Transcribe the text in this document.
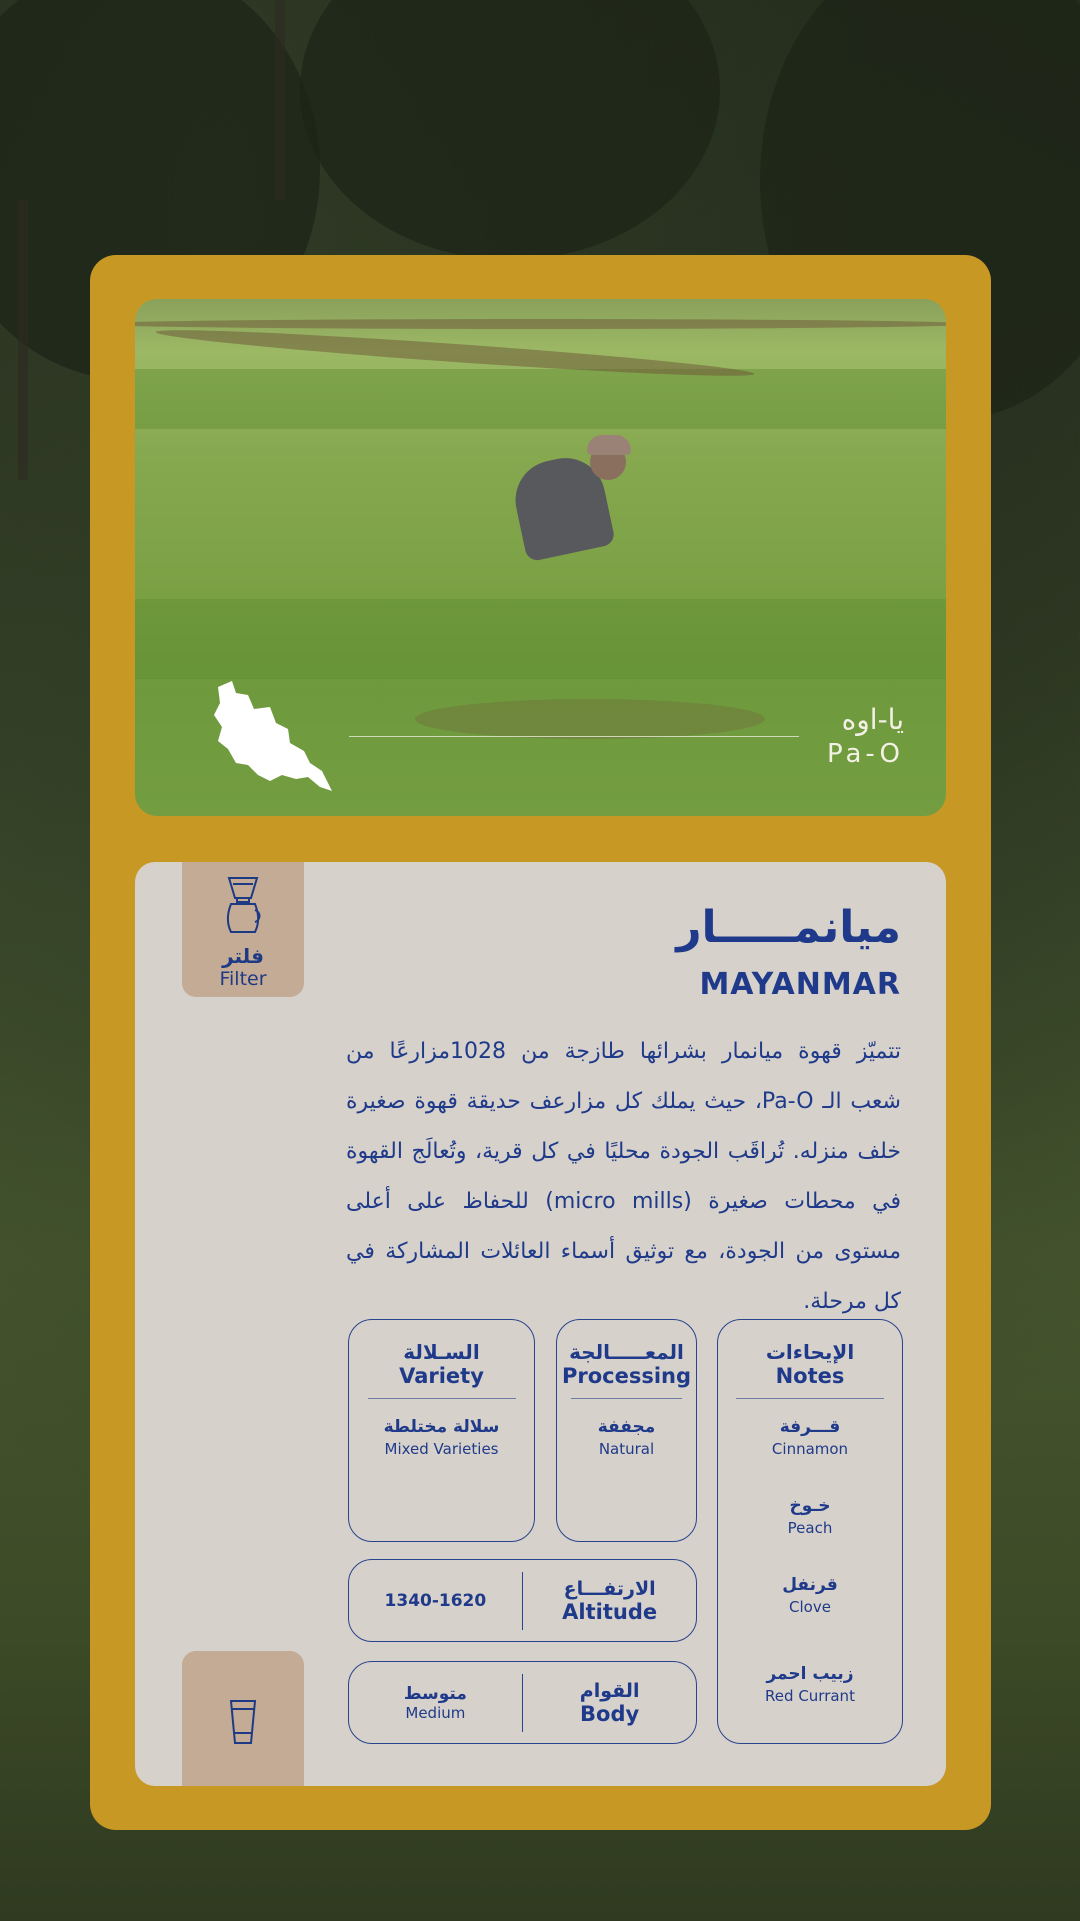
يا-اوه
Pa-O
فلتر
Filter
ميانمـــــار
MAYANMAR

تتميّز قهوة ميانمار بشرائها طازجة من 1028مزارعًا من شعب الـ Pa-O، حيث يملك كل مزارعف حديقة قهوة صغيرة خلف منزله. تُراقَب الجودة محليًا في كل قرية، وتُعالَج القهوة في محطات صغيرة (micro mills) للحفاظ على أعلى مستوى من الجودة، مع توثيق أسماء العائلات المشاركة في كل مرحلة.

الإيحاءات
Notes
قـــرفة
Cinnamon
خـوخ
Peach
قرنفل
Clove
زبيب احمر
Red Currant
المعـــــالجة
Processing
مجففة
Natural
السـلالة
Variety
سلالة مختلطة
Mixed Varieties
1340-1620
الارتفـــاع
Altitude
متوسط
Medium
القوام
Body
